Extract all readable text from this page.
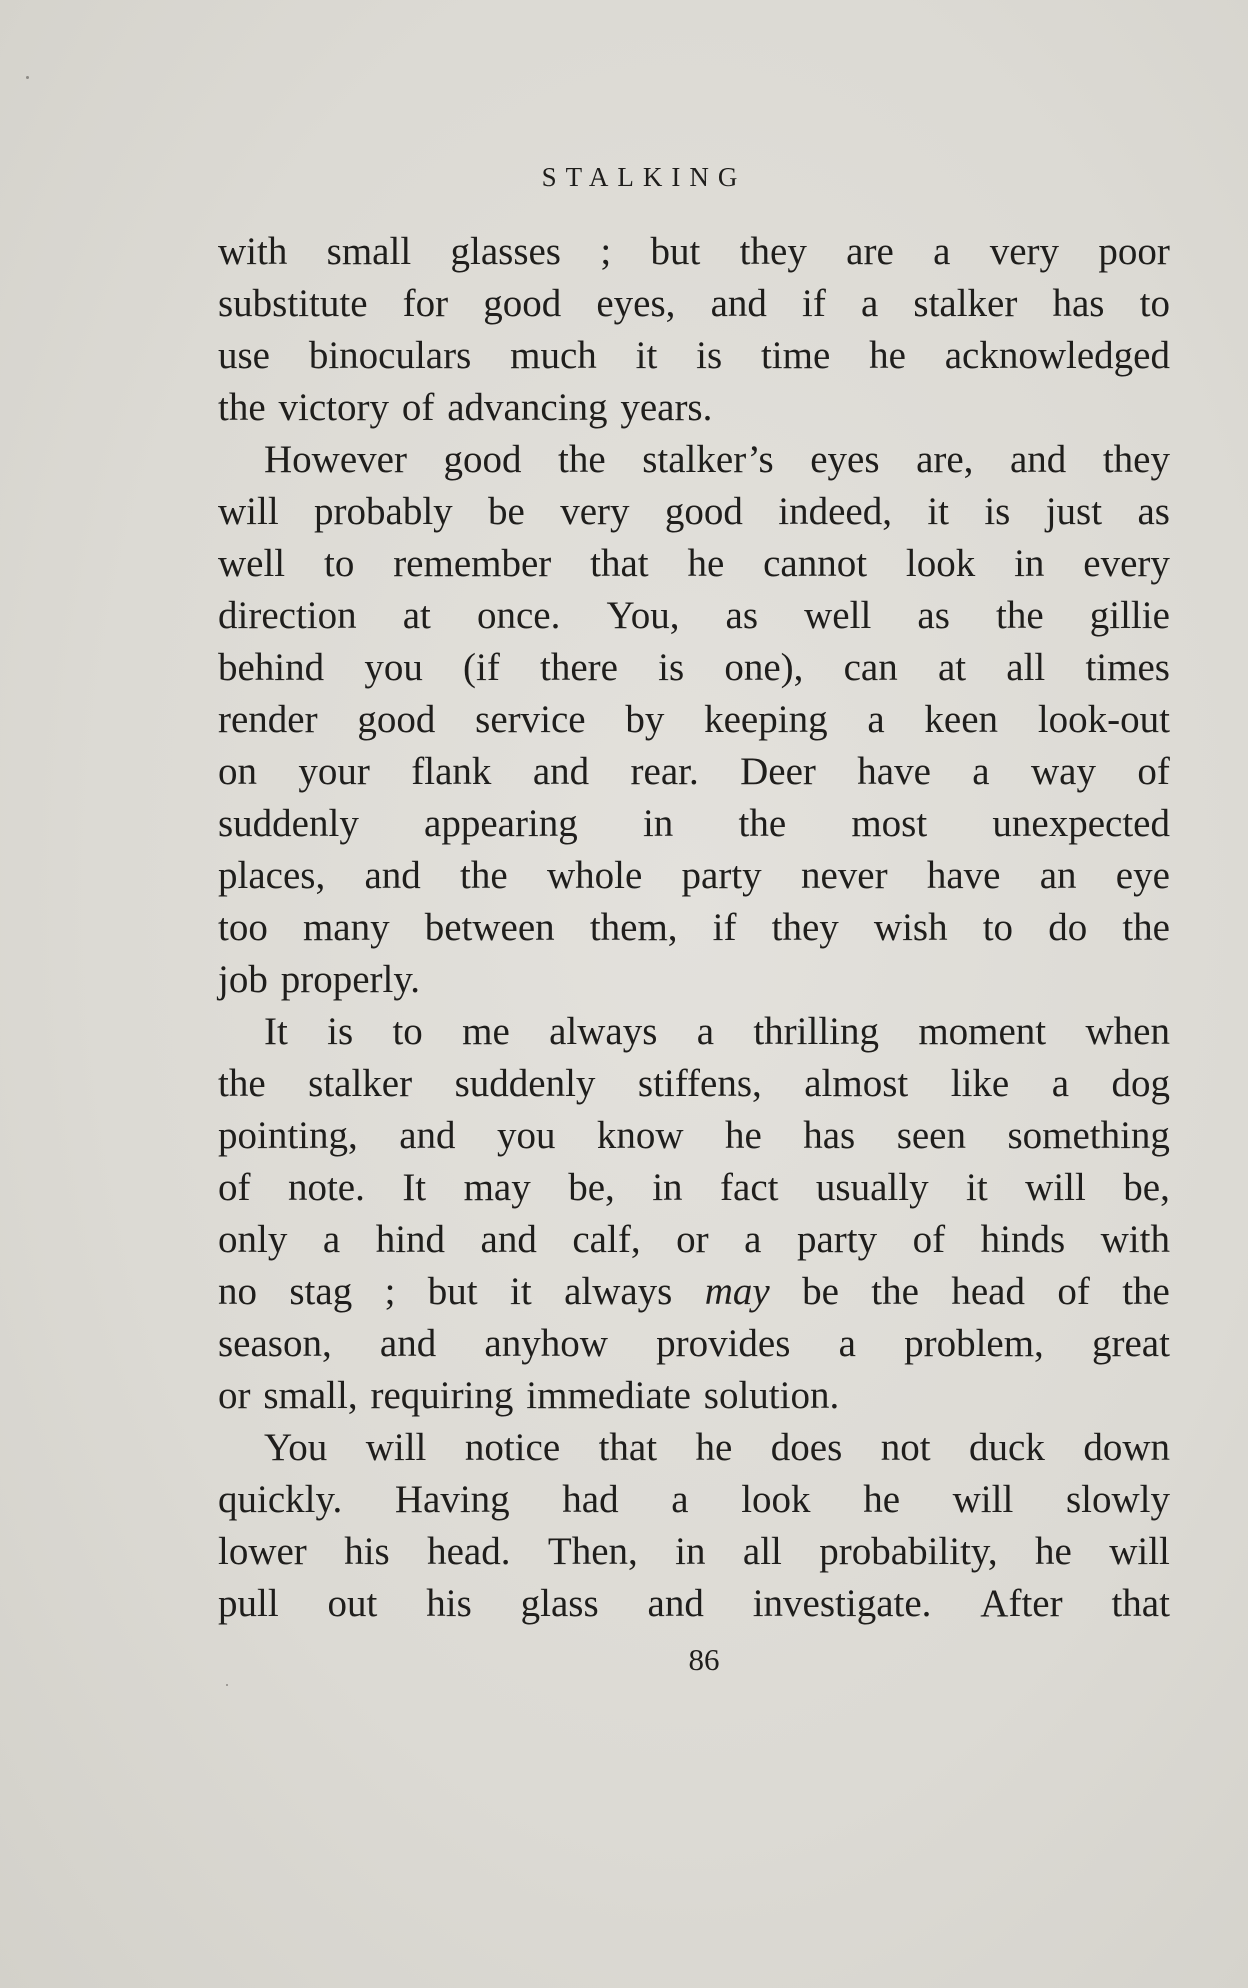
STALKING
with small glasses ; but they are a very poor
substitute for good eyes, and if a stalker has to
use binoculars much it is time he acknowledged
the victory of advancing years.
However good the stalker’s eyes are, and they
will probably be very good indeed, it is just as
well to remember that he cannot look in every
direction at once. You, as well as the gillie
behind you (if there is one), can at all times
render good service by keeping a keen look-out
on your flank and rear. Deer have a way of
suddenly appearing in the most unexpected
places, and the whole party never have an eye
too many between them, if they wish to do the
job properly.
It is to me always a thrilling moment when
the stalker suddenly stiffens, almost like a dog
pointing, and you know he has seen something
of note. It may be, in fact usually it will be,
only a hind and calf, or a party of hinds with
no stag ; but it always may be the head of the
season, and anyhow provides a problem, great
or small, requiring immediate solution.
You will notice that he does not duck down
quickly. Having had a look he will slowly
lower his head. Then, in all probability, he will
pull out his glass and investigate. After that
86
